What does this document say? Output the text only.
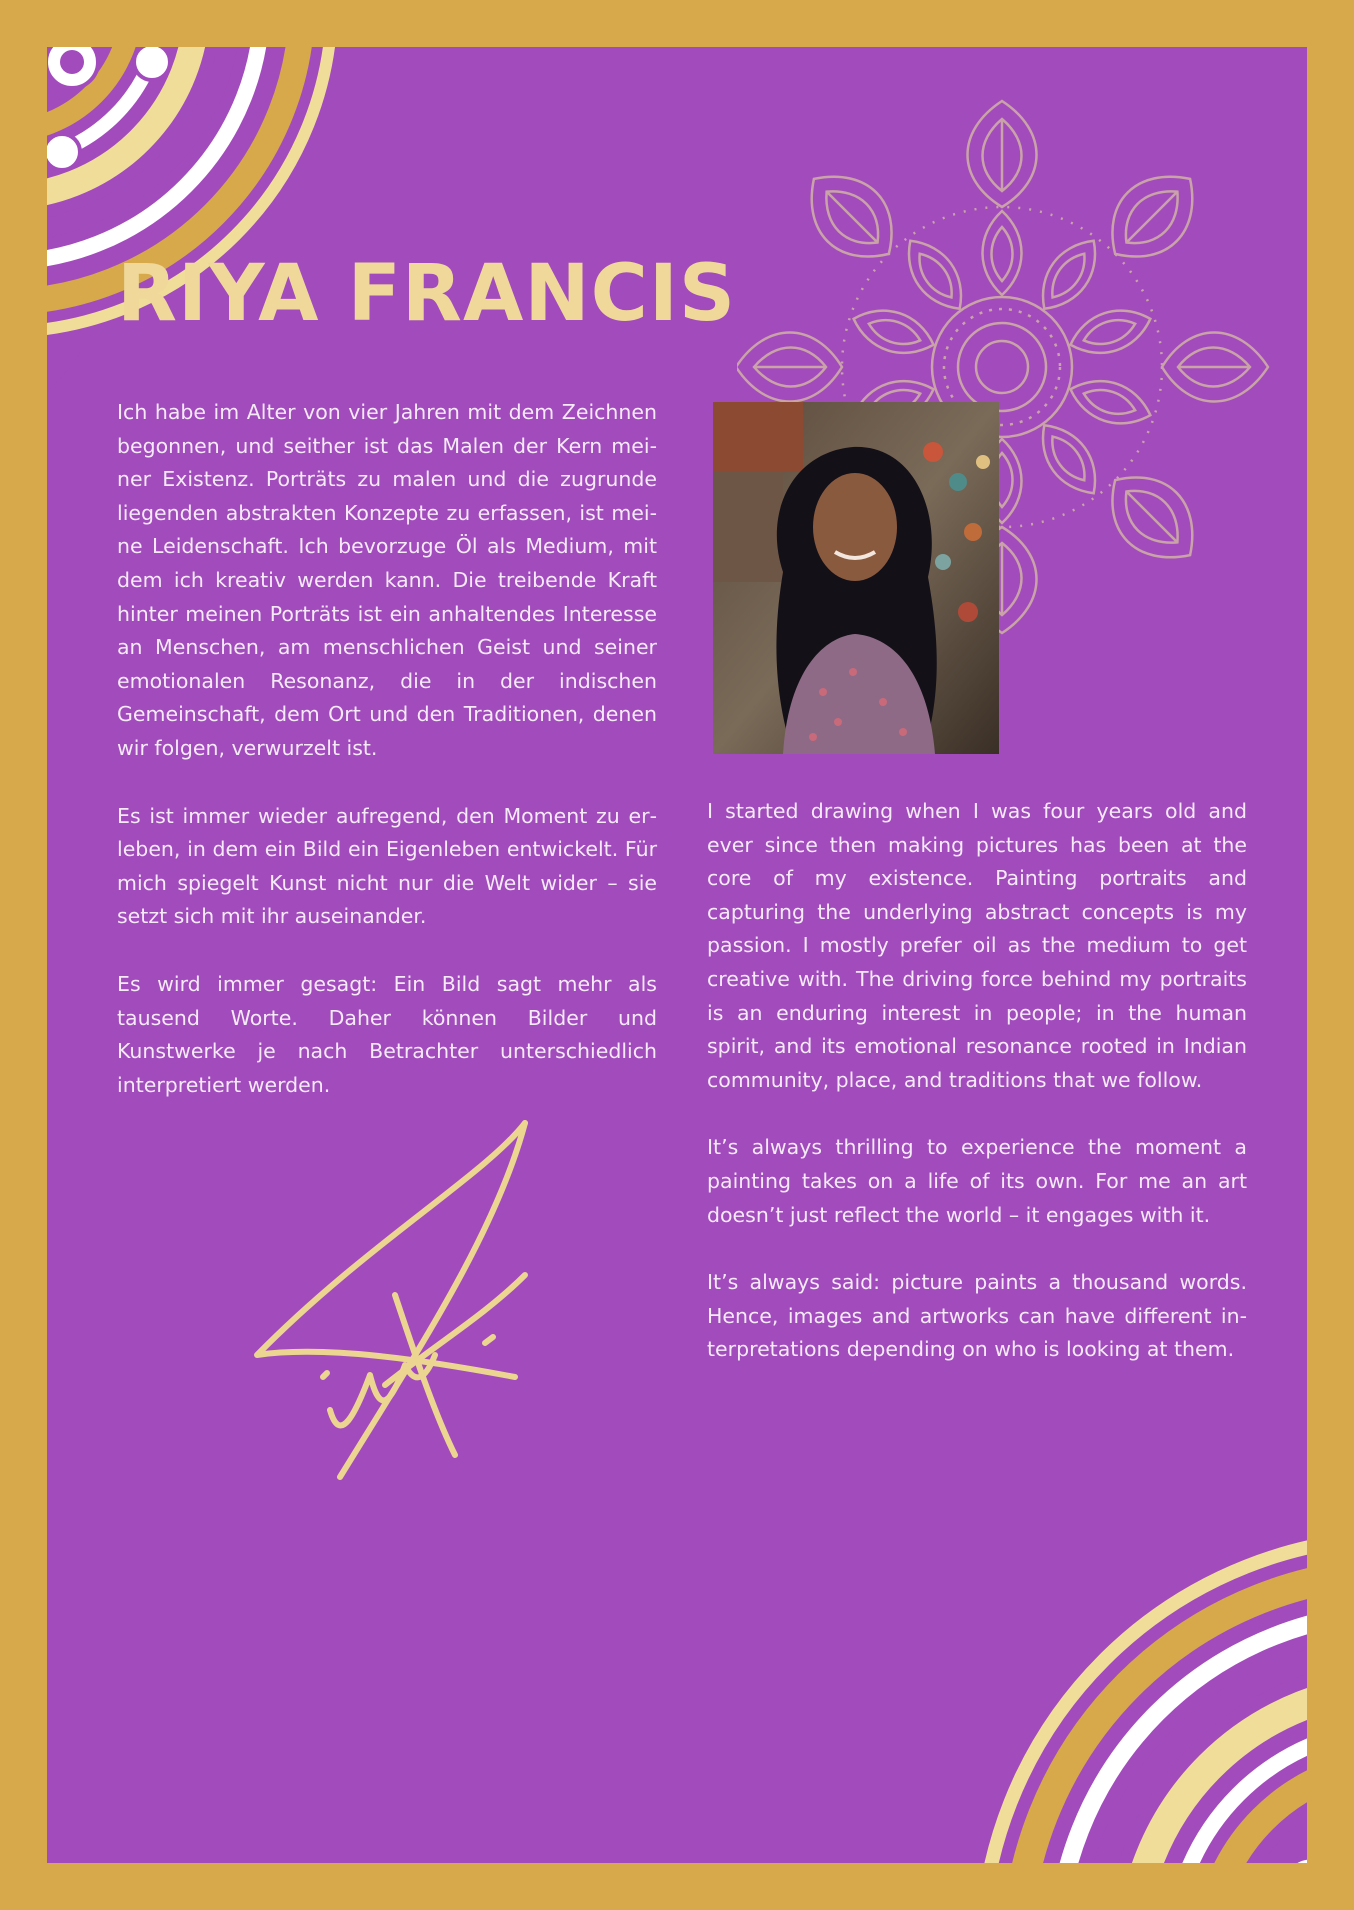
RIYA FRANCIS

Ich habe im Alter von vier Jahren mit dem Zeichnen begonnen, und seither ist das Malen der Kern meiner Existenz. Porträts zu malen und die zugrunde liegenden abstrakten Konzepte zu erfassen, ist meine Leidenschaft. Ich bevorzuge Öl als Medium, mit dem ich kreativ werden kann. Die treibende Kraft hinter meinen Porträts ist ein anhaltendes Interesse an Menschen, am menschlichen Geist und seiner emotionalen Resonanz, die in der indischen Gemeinschaft, dem Ort und den Traditionen, denen wir folgen, verwurzelt ist.

Es ist immer wieder aufregend, den Moment zu erleben, in dem ein Bild ein Eigenleben entwickelt. Für mich spiegelt Kunst nicht nur die Welt wider – sie setzt sich mit ihr auseinander.

Es wird immer gesagt: Ein Bild sagt mehr als tausend Worte. Daher können Bilder und Kunstwerke je nach Betrachter unterschiedlich interpretiert werden.

I started drawing when I was four years old and ever since then making pictures has been at the core of my existence. Painting portraits and capturing the underlying abstract concepts is my passion. I mostly prefer oil as the medium to get creative with. The driving force behind my portraits is an enduring interest in people; in the human spirit, and its emotional resonance rooted in Indian community, place, and traditions that we follow.

It’s always thrilling to experience the moment a painting takes on a life of its own. For me an art doesn’t just reflect the world – it engages with it.

It’s always said: picture paints a thousand words. Hence, images and artworks can have different interpretations depending on who is looking at them.
